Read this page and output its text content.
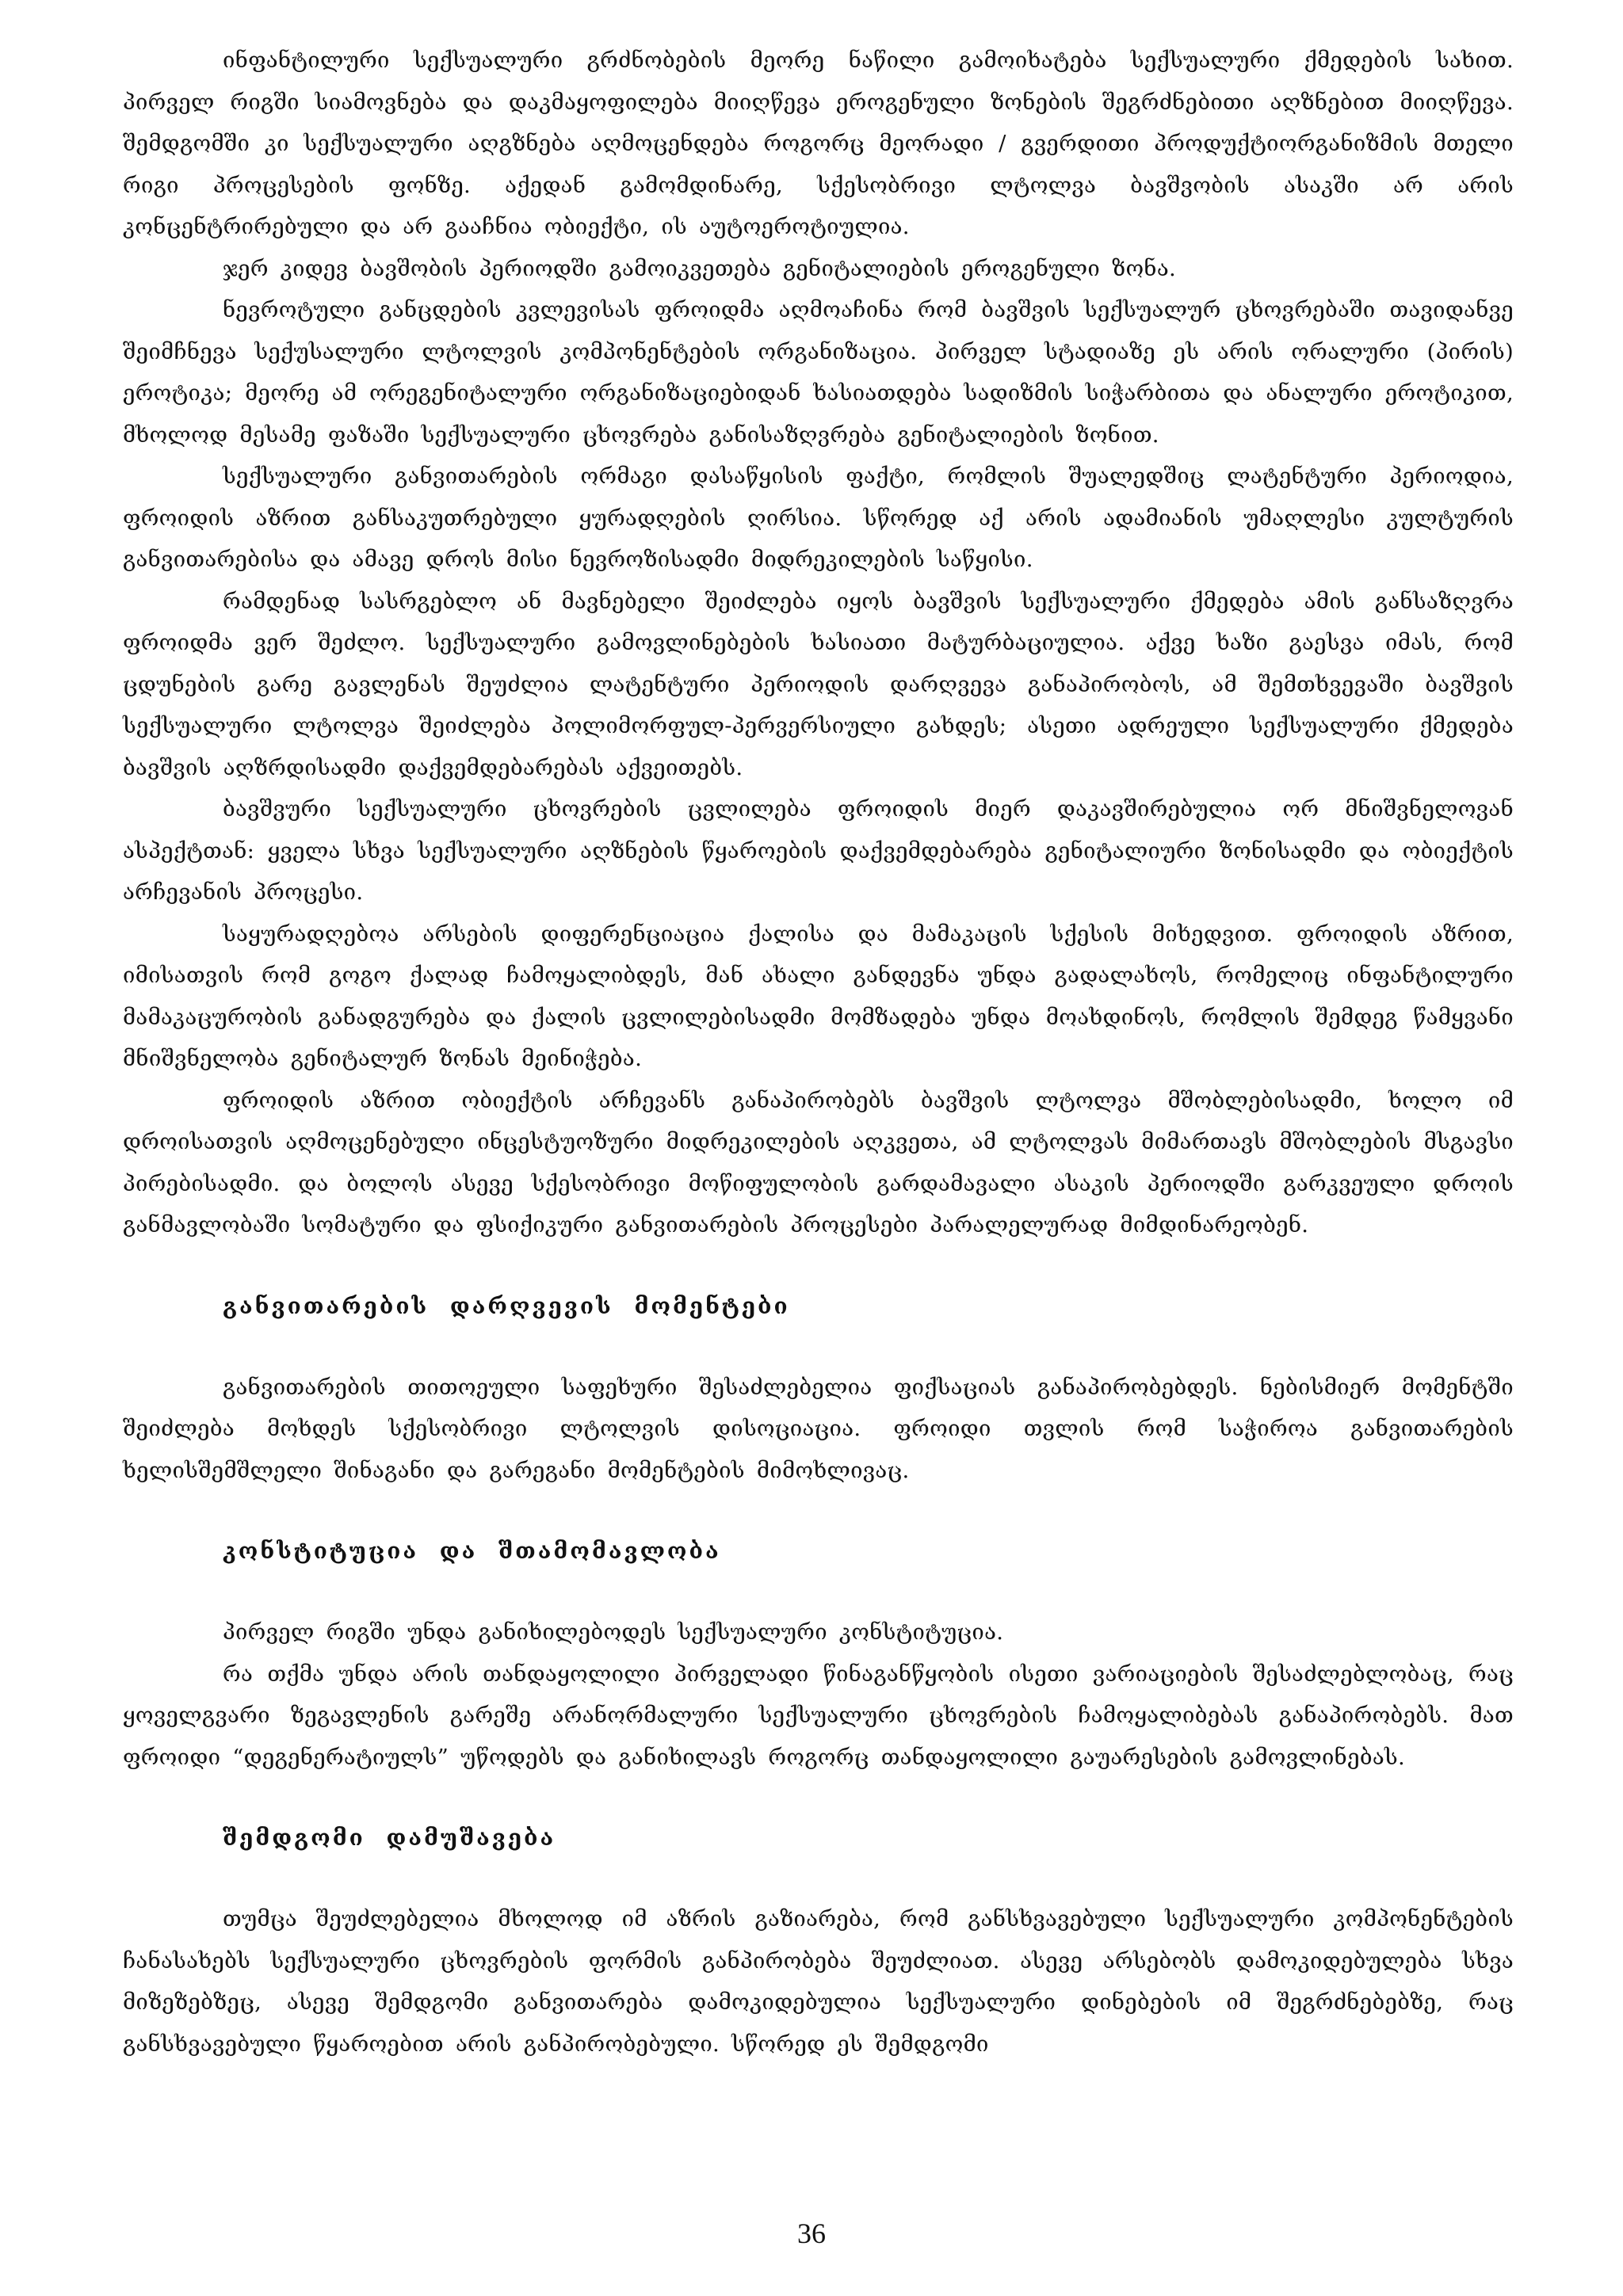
ინფანტილური სექსუალური გრძნობების მეორე ნაწილი გამოიხატება სექსუალური ქმედების სახით. პირველ რიგში სიამოვნება და დაკმაყოფილება მიიღწევა ეროგენული ზონების შეგრძნებითი აღზნებით მიიღწევა. შემდგომში კი სექსუალური აღგზნება აღმოცენდება როგორც მეორადი / გვერდითი პროდუქტიორგანიზმის მთელი რიგი პროცესების ფონზე. აქედან გამომდინარე, სქესობრივი ლტოლვა ბავშვობის ასაკში არ არის კონცენტრირებული და არ გააჩნია ობიექტი, ის აუტოეროტიულია.

ჯერ კიდევ ბავშობის პერიოდში გამოიკვეთება გენიტალიების ეროგენული ზონა.

ნევროტული განცდების კვლევისას ფროიდმა აღმოაჩინა რომ ბავშვის სექსუალურ ცხოვრებაში თავიდანვე შეიმჩნევა სექუსალური ლტოლვის კომპონენტების ორგანიზაცია. პირველ სტადიაზე ეს არის ორალური (პირის) ეროტიკა; მეორე ამ ორეგენიტალური ორგანიზაციებიდან ხასიათდება სადიზმის სიჭარბითა და ანალური ეროტიკით, მხოლოდ მესამე ფაზაში სექსუალური ცხოვრება განისაზღვრება გენიტალიების ზონით.

სექსუალური განვითარების ორმაგი დასაწყისის ფაქტი, რომლის შუალედშიც ლატენტური პერიოდია, ფროიდის აზრით განსაკუთრებული ყურადღების ღირსია. სწორედ აქ არის ადამიანის უმაღლესი კულტურის განვითარებისა და ამავე დროს მისი ნევროზისადმი მიდრეკილების საწყისი.

რამდენად სასრგებლო ან მავნებელი შეიძლება იყოს ბავშვის სექსუალური ქმედება ამის განსაზღვრა ფროიდმა ვერ შეძლო. სექსუალური გამოვლინებების ხასიათი მატურბაციულია. აქვე ხაზი გაესვა იმას, რომ ცდუნების გარე გავლენას შეუძლია ლატენტური პერიოდის დარღვევა განაპირობოს, ამ შემთხვევაში ბავშვის სექსუალური ლტოლვა შეიძლება პოლიმორფულ-პერვერსიული გახდეს; ასეთი ადრეული სექსუალური ქმედება ბავშვის აღზრდისადმი დაქვემდებარებას აქვეითებს.

ბავშვური სექსუალური ცხოვრების ცვლილება ფროიდის მიერ დაკავშირებულია ორ მნიშვნელოვან ასპექტთან: ყველა სხვა სექსუალური აღზნების წყაროების დაქვემდებარება გენიტალიური ზონისადმი და ობიექტის არჩევანის პროცესი.

საყურადღებოა არსების დიფერენციაცია ქალისა და მამაკაცის სქესის მიხედვით. ფროიდის აზრით, იმისათვის რომ გოგო ქალად ჩამოყალიბდეს, მან ახალი განდევნა უნდა გადალახოს, რომელიც ინფანტილური მამაკაცურობის განადგურება და ქალის ცვლილებისადმი მომზადება უნდა მოახდინოს, რომლის შემდეგ წამყვანი მნიშვნელობა გენიტალურ ზონას მეინიჭება.

ფროიდის აზრით ობიექტის არჩევანს განაპირობებს ბავშვის ლტოლვა მშობლებისადმი, ხოლო იმ დროისათვის აღმოცენებული ინცესტუოზური მიდრეკილების აღკვეთა, ამ ლტოლვას მიმართავს მშობლების მსგავსი პირებისადმი. და ბოლოს ასევე სქესობრივი მოწიფულობის გარდამავალი ასაკის პერიოდში გარკვეული დროის განმავლობაში სომატური და ფსიქიკური განვითარების პროცესები პარალელურად მიმდინარეობენ.

განვითარების დარღვევის მომენტები

განვითარების თითოეული საფეხური შესაძლებელია ფიქსაციას განაპირობებდეს. ნებისმიერ მომენტში შეიძლება მოხდეს სქესობრივი ლტოლვის დისოციაცია. ფროიდი თვლის რომ საჭიროა განვითარების ხელისშემშლელი შინაგანი და გარეგანი მომენტების მიმოხლივაც.

კონსტიტუცია და შთამომავლობა

პირველ რიგში უნდა განიხილებოდეს სექსუალური კონსტიტუცია.

რა თქმა უნდა არის თანდაყოლილი პირველადი წინაგანწყობის ისეთი ვარიაციების შესაძლებლობაც, რაც ყოველგვარი ზეგავლენის გარეშე არანორმალური სექსუალური ცხოვრების ჩამოყალიბებას განაპირობებს. მათ ფროიდი “დეგენერატიულს” უწოდებს და განიხილავს როგორც თანდაყოლილი გაუარესების გამოვლინებას.

შემდგომი დამუშავება

თუმცა შეუძლებელია მხოლოდ იმ აზრის გაზიარება, რომ განსხვავებული სექსუალური კომპონენტების ჩანასახებს სექსუალური ცხოვრების ფორმის განპირობება შეუძლიათ. ასევე არსებობს დამოკიდებულება სხვა მიზეზებზეც, ასევე შემდგომი განვითარება დამოკიდებულია სექსუალური დინებების იმ შეგრძნებებზე, რაც განსხვავებული წყაროებით არის განპირობებული. სწორედ ეს შემდგომი

36
